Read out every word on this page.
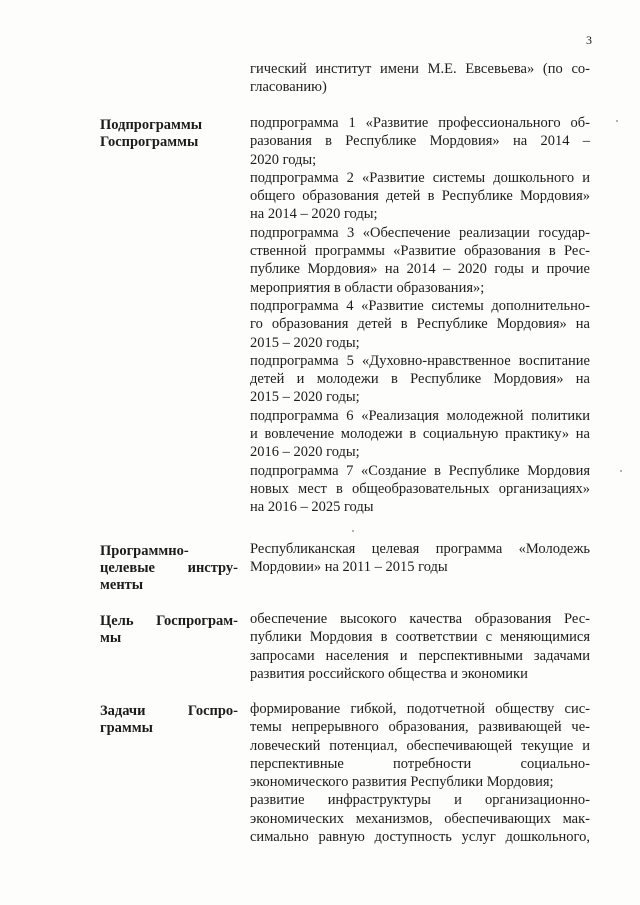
3
гический институт имени М.Е. Евсевьева» (по со-
гласованию)
Подпрограммы
Госпрограммы
подпрограмма 1 «Развитие профессионального об-
разования в Республике Мордовия» на 2014 –
2020 годы;
подпрограмма 2 «Развитие системы дошкольного и
общего образования детей в Республике Мордовия»
на 2014 – 2020 годы;
подпрограмма 3 «Обеспечение реализации государ-
ственной программы «Развитие образования в Рес-
публике Мордовия» на 2014 – 2020 годы и прочие
мероприятия в области образования»;
подпрограмма 4 «Развитие системы дополнительно-
го образования детей в Республике Мордовия» на
2015 – 2020 годы;
подпрограмма 5 «Духовно-нравственное воспитание
детей и молодежи в Республике Мордовия» на
2015 – 2020 годы;
подпрограмма 6 «Реализация молодежной политики
и вовлечение молодежи в социальную практику» на
2016 – 2020 годы;
подпрограмма 7 «Создание в Республике Мордовия
новых мест в общеобразовательных организациях»
на 2016 – 2025 годы
Программно-
целевые инстру-
менты
Республиканская целевая программа «Молодежь
Мордовии» на 2011 – 2015 годы
Цель Госпрограм-
мы
обеспечение высокого качества образования Рес-
публики Мордовия в соответствии с меняющимися
запросами населения и перспективными задачами
развития российского общества и экономики
Задачи Госпро-
граммы
формирование гибкой, подотчетной обществу сис-
темы непрерывного образования, развивающей че-
ловеческий потенциал, обеспечивающей текущие и
перспективные потребности социально-
экономического развития Республики Мордовия;
развитие инфраструктуры и организационно-
экономических механизмов, обеспечивающих мак-
симально равную доступность услуг дошкольного,
